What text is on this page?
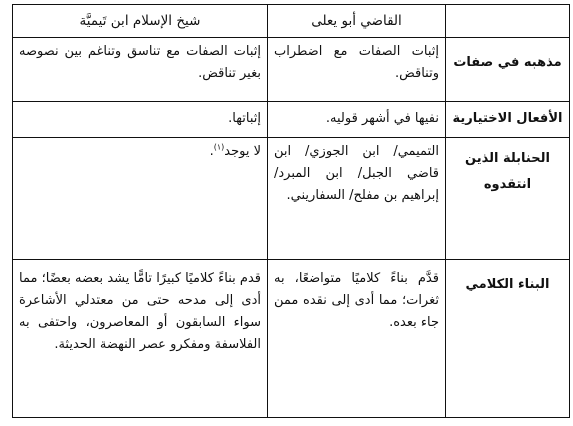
	القاضي أبو يعلى	شيخ الإسلام ابن تَيميَّة
مذهبه في صفات	إثبات الصفات مع اضطراب وتناقض.	إثبات الصفات مع تناسق وتناغم بين نصوصه بغير تناقض.
الأفعال الاختيارية	نفيها في أشهر قوليه.	إثباتها.
الحنابلة الذين انتقدوه	التميمي/ ابن الجوزي/ ابن قاضي الجبل/ ابن المبرد/ إبراهيم بن مفلح/ السفاريني.	لا يوجد$^{(١)}$.
البناء الكلامي	قدَّم بناءً كلاميًا متواضعًا، به ثغرات؛ مما أدى إلى نقده ممن جاء بعده.	قدم بناءً كلاميًا كبيرًا تامًّا يشد بعضه بعضًا؛ مما أدى إلى مدحه حتى من معتدلي الأشاعرة سواء السابقون أو المعاصرون، واحتفى به الفلاسفة ومفكرو عصر النهضة الحديثة.
